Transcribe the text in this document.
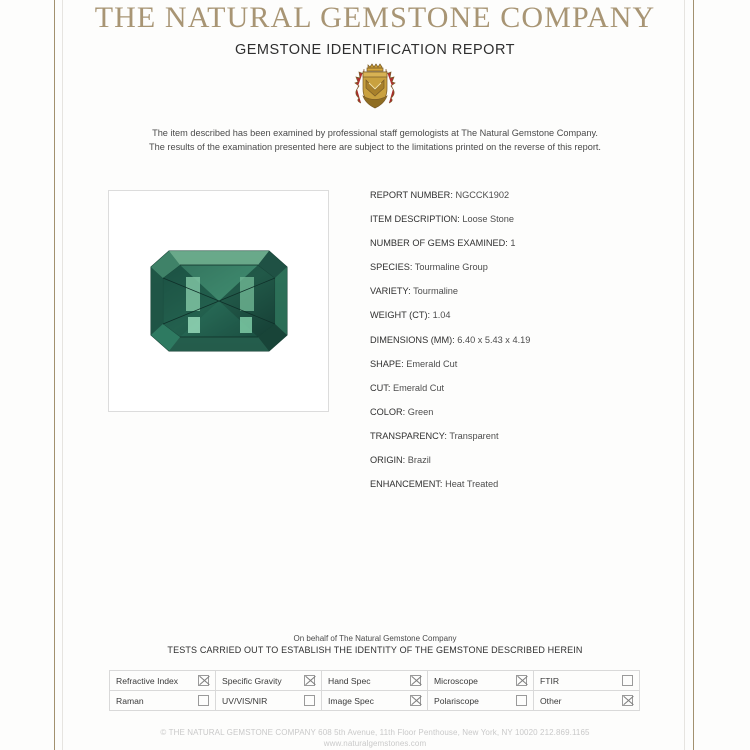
THE NATURAL GEMSTONE COMPANY
GEMSTONE IDENTIFICATION REPORT
The item described has been examined by professional staff gemologists at The Natural Gemstone Company.
The results of the examination presented here are subject to the limitations printed on the reverse of this report.
REPORT NUMBER: NGCCK1902
ITEM DESCRIPTION: Loose Stone
NUMBER OF GEMS EXAMINED: 1
SPECIES: Tourmaline Group
VARIETY: Tourmaline
WEIGHT (CT): 1.04
DIMENSIONS (MM): 6.40 x 5.43 x 4.19
SHAPE: Emerald Cut
CUT: Emerald Cut
COLOR: Green
TRANSPARENCY: Transparent
ORIGIN: Brazil
ENHANCEMENT: Heat Treated
On behalf of The Natural Gemstone Company
TESTS CARRIED OUT TO ESTABLISH THE IDENTITY OF THE GEMSTONE DESCRIBED HEREIN
Refractive Index	Specific Gravity	Hand Spec	Microscope	FTIR

Raman	UV/VIS/NIR	Image Spec	Polariscope	Other
© THE NATURAL GEMSTONE COMPANY 608 5th Avenue, 11th Floor Penthouse, New York, NY 10020 212.869.1165
www.naturalgemstones.com
